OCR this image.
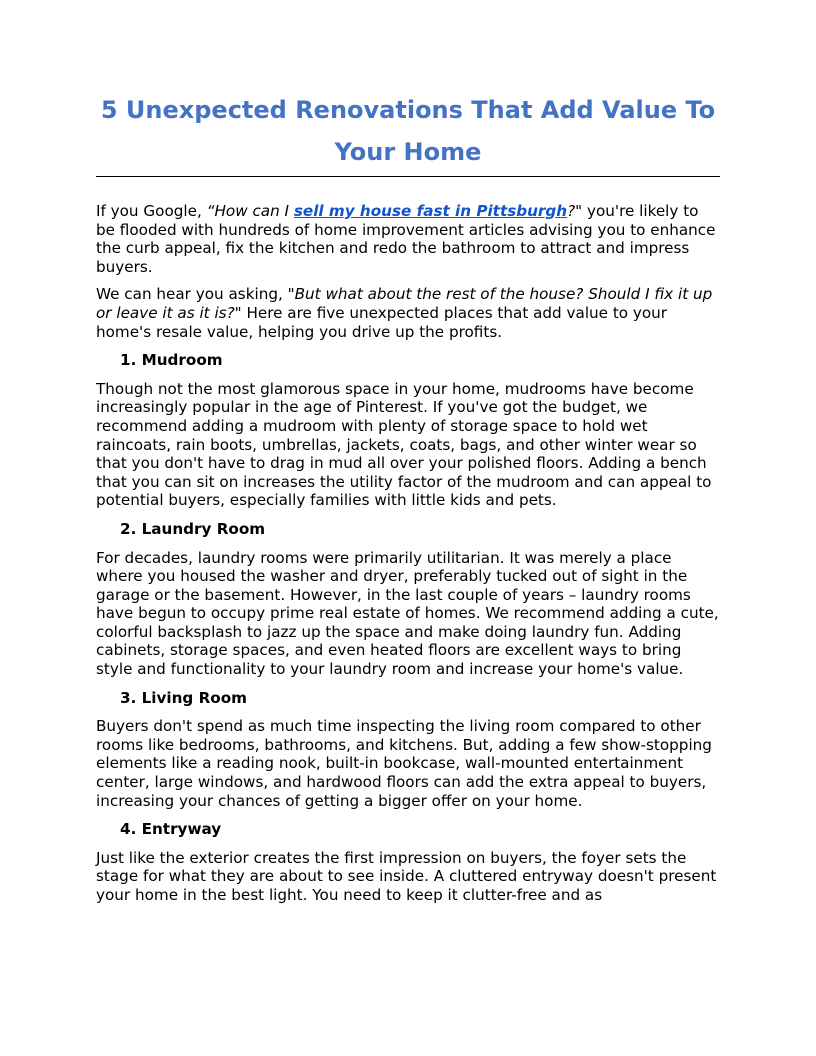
5 Unexpected Renovations That Add Value To
Your Home

If you Google, “How can I sell my house fast in Pittsburgh?" you're likely to be flooded with hundreds of home improvement articles advising you to enhance the curb appeal, fix the kitchen and redo the bathroom to attract and impress buyers.

We can hear you asking, "But what about the rest of the house? Should I fix it up or leave it as it is?" Here are five unexpected places that add value to your home's resale value, helping you drive up the profits.

1. Mudroom

Though not the most glamorous space in your home, mudrooms have become increasingly popular in the age of Pinterest. If you've got the budget, we recommend adding a mudroom with plenty of storage space to hold wet raincoats, rain boots, umbrellas, jackets, coats, bags, and other winter wear so that you don't have to drag in mud all over your polished floors. Adding a bench that you can sit on increases the utility factor of the mudroom and can appeal to potential buyers, especially families with little kids and pets.

2. Laundry Room

For decades, laundry rooms were primarily utilitarian. It was merely a place where you housed the washer and dryer, preferably tucked out of sight in the garage or the basement. However, in the last couple of years – laundry rooms have begun to occupy prime real estate of homes. We recommend adding a cute, colorful backsplash to jazz up the space and make doing laundry fun. Adding cabinets, storage spaces, and even heated floors are excellent ways to bring style and functionality to your laundry room and increase your home's value.

3. Living Room

Buyers don't spend as much time inspecting the living room compared to other rooms like bedrooms, bathrooms, and kitchens. But, adding a few show-stopping elements like a reading nook, built-in bookcase, wall-mounted entertainment center, large windows, and hardwood floors can add the extra appeal to buyers, increasing your chances of getting a bigger offer on your home.

4. Entryway

Just like the exterior creates the first impression on buyers, the foyer sets the stage for what they are about to see inside. A cluttered entryway doesn't present your home in the best light. You need to keep it clutter-free and as
